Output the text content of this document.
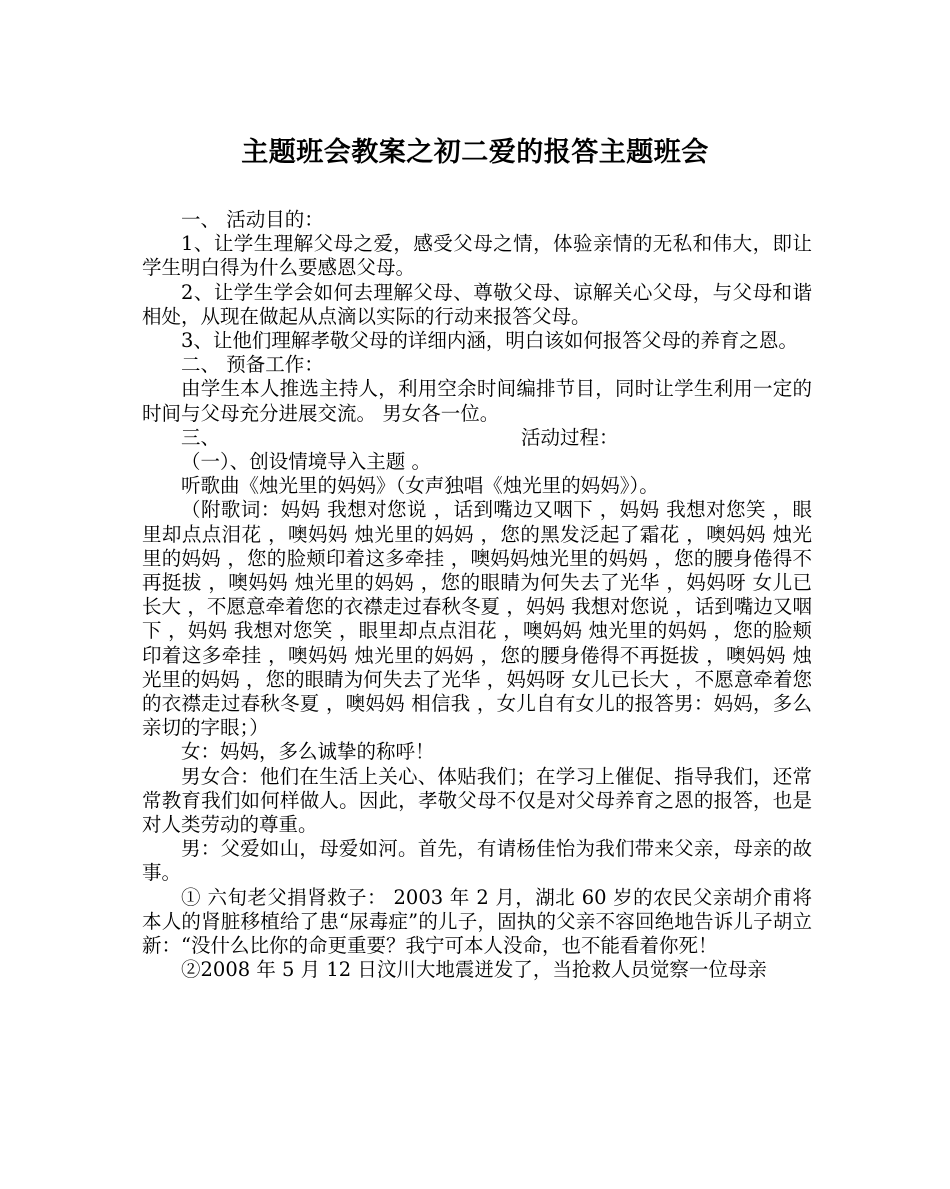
主题班会教案之初二爱的报答主题班会

一、 活动目的：

1、让学生理解父母之爱，感受父母之情，体验亲情的无私和伟大，即让学生明白得为什么要感恩父母。

2、让学生学会如何去理解父母、尊敬父母、谅解关心父母，与父母和谐相处，从现在做起从点滴以实际的行动来报答父母。

3、让他们理解孝敬父母的详细内涵，明白该如何报答父母的养育之恩。

二、 预备工作：

由学生本人推选主持人，利用空余时间编排节目，同时让学生利用一定的时间与父母充分进展交流。 男女各一位。

三、	活动过程：

（一）、创设情境导入主题 。

听歌曲《烛光里的妈妈》（女声独唱《烛光里的妈妈》）。

（附歌词：妈妈 我想对您说 ，话到嘴边又咽下 ，妈妈 我想对您笑 ，眼里却点点泪花 ，噢妈妈 烛光里的妈妈 ，您的黑发泛起了霜花 ，噢妈妈 烛光里的妈妈 ，您的脸颊印着这多牵挂 ，噢妈妈烛光里的妈妈 ，您的腰身倦得不再挺拔 ，噢妈妈 烛光里的妈妈 ，您的眼睛为何失去了光华 ，妈妈呀 女儿已长大 ，不愿意牵着您的衣襟走过春秋冬夏 ，妈妈 我想对您说 ，话到嘴边又咽下 ，妈妈 我想对您笑 ，眼里却点点泪花 ，噢妈妈 烛光里的妈妈 ，您的脸颊印着这多牵挂 ，噢妈妈 烛光里的妈妈 ，您的腰身倦得不再挺拔 ，噢妈妈 烛光里的妈妈 ，您的眼睛为何失去了光华 ，妈妈呀 女儿已长大 ，不愿意牵着您的衣襟走过春秋冬夏 ，噢妈妈 相信我 ，女儿自有女儿的报答男：妈妈，多么亲切的字眼；）

女：妈妈，多么诚挚的称呼！

男女合：他们在生活上关心、体贴我们；在学习上催促、指导我们，还常常教育我们如何样做人。因此，孝敬父母不仅是对父母养育之恩的报答，也是对人类劳动的尊重。

男：父爱如山，母爱如河。首先，有请杨佳怡为我们带来父亲，母亲的故事。

① 六旬老父捐肾救子： 2003 年 2 月，湖北 60 岁的农民父亲胡介甫将本人的肾脏移植给了患“尿毒症”的儿子，固执的父亲不容回绝地告诉儿子胡立新：“没什么比你的命更重要？我宁可本人没命，也不能看着你死！

②2008 年 5 月 12 日汶川大地震迸发了，当抢救人员觉察一位母亲
